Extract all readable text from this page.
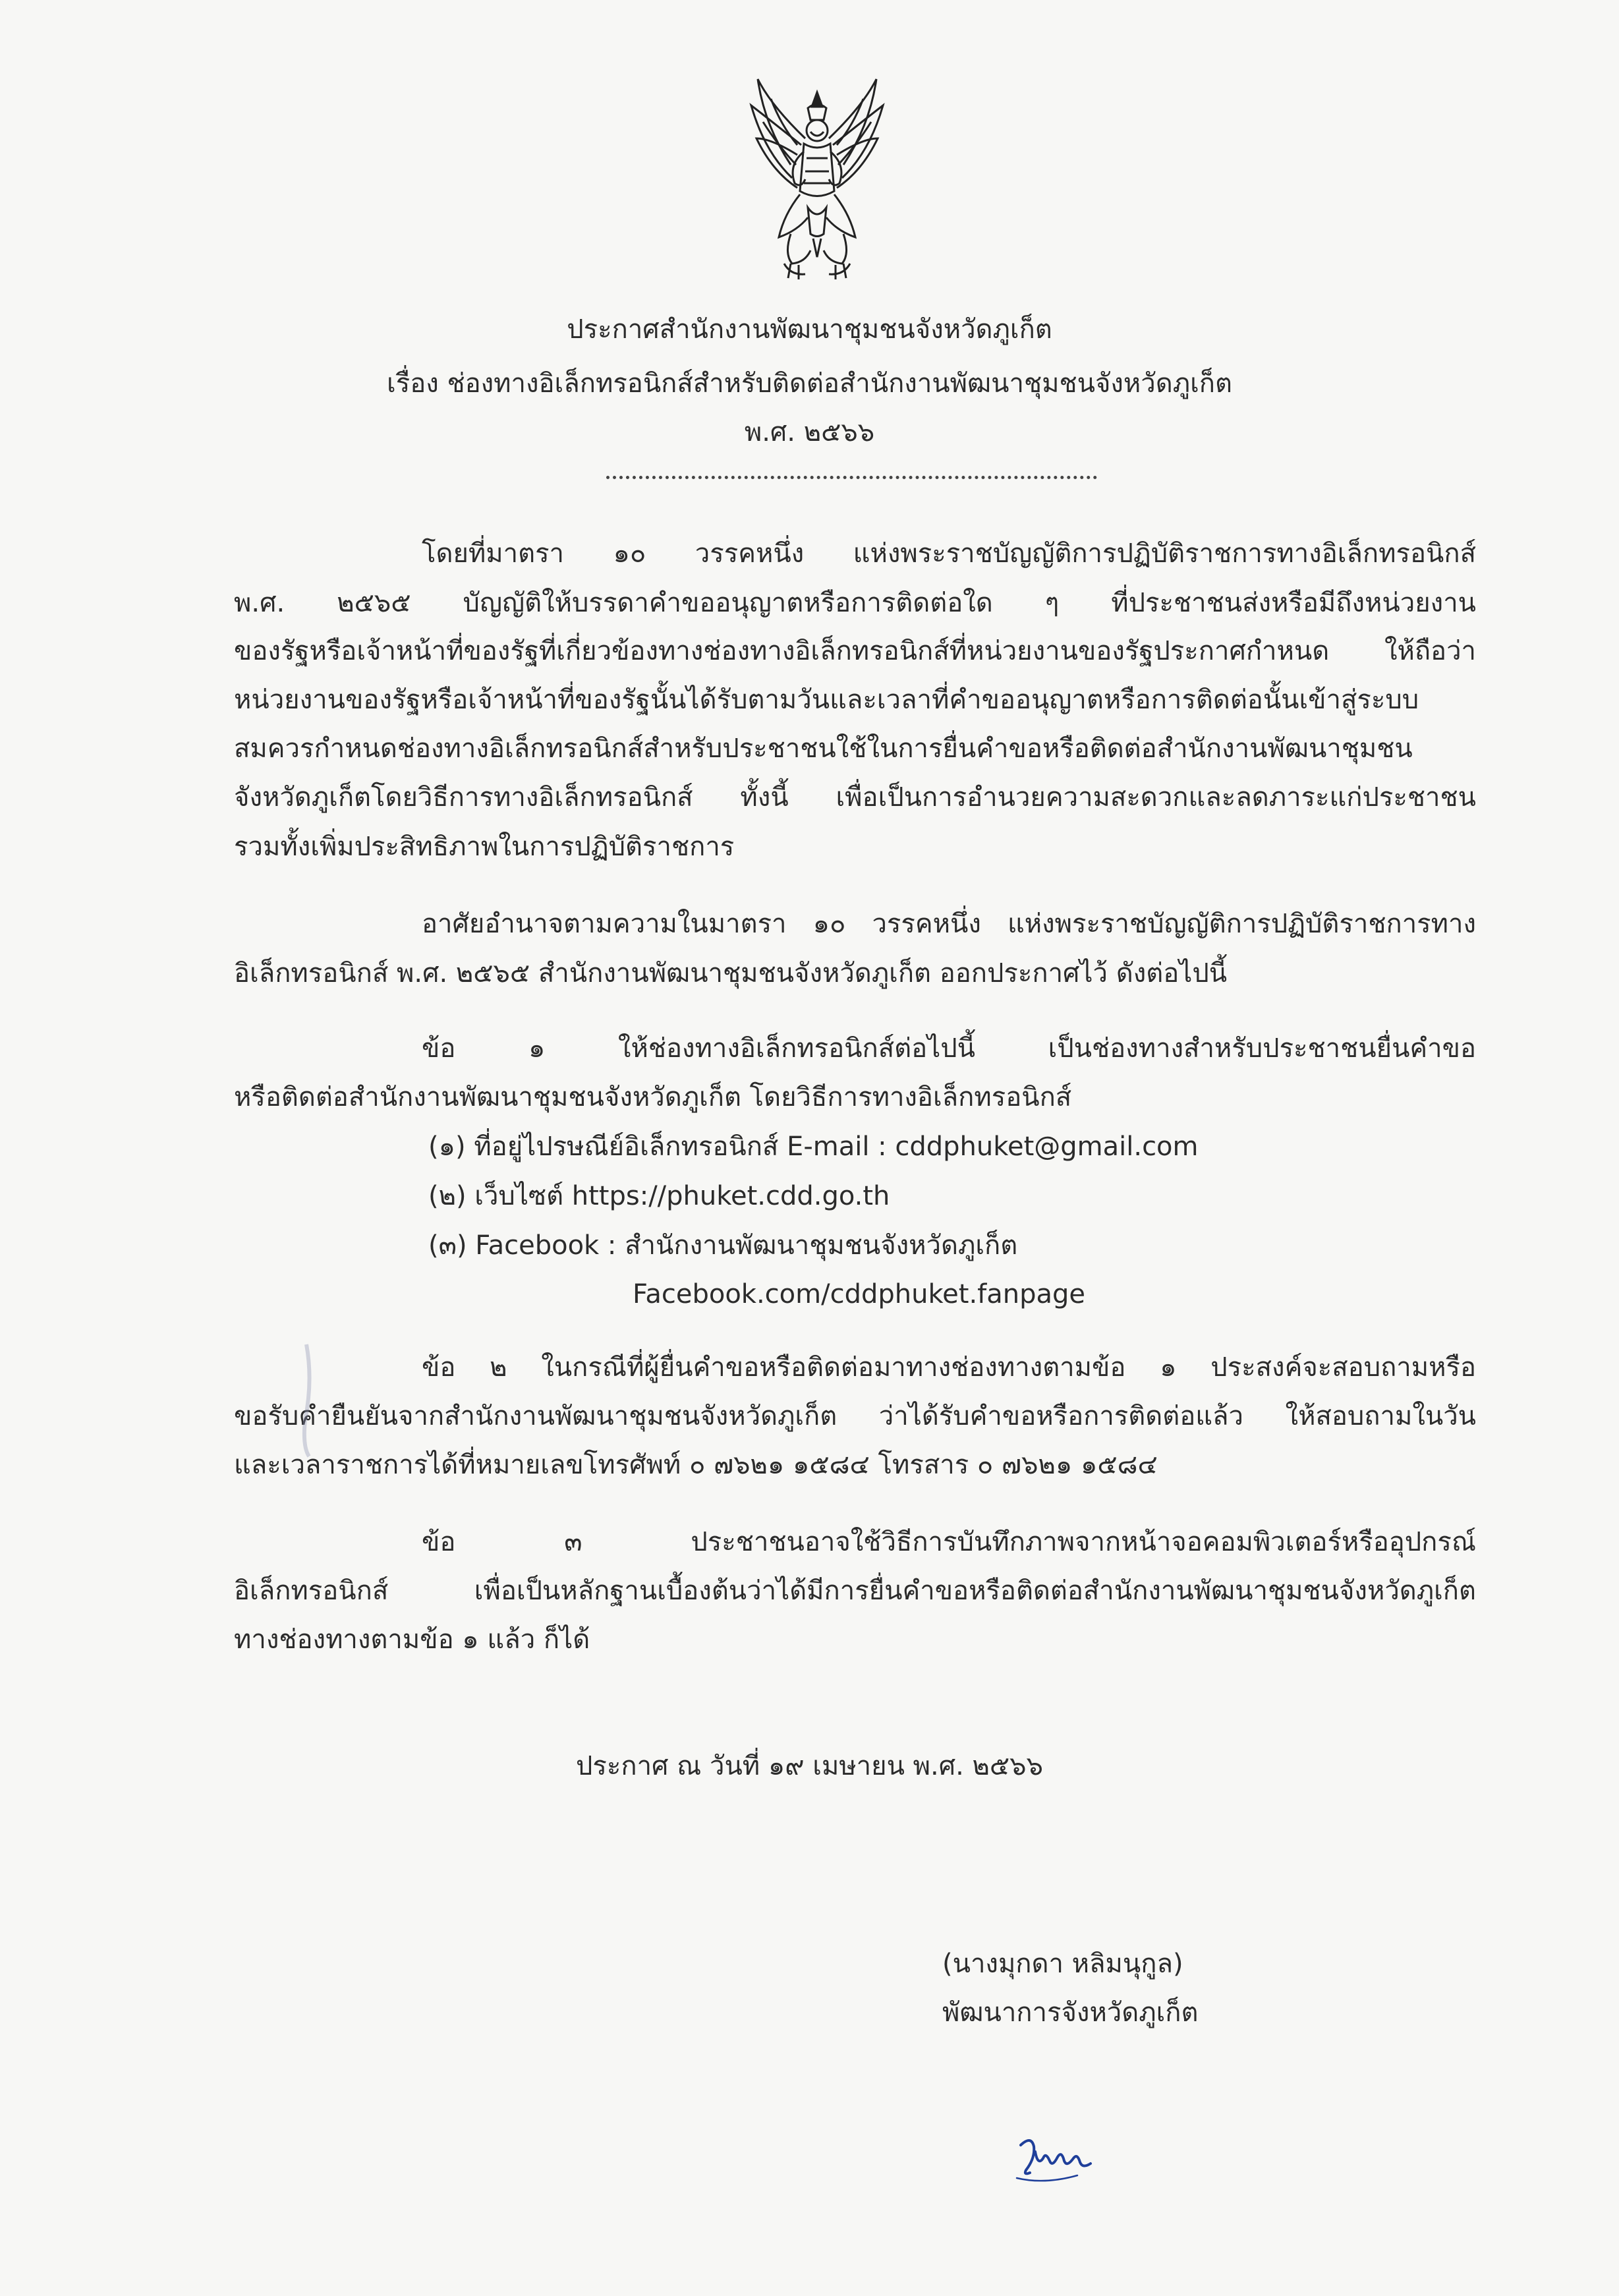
ประกาศสำนักงานพัฒนาชุมชนจังหวัดภูเก็ต
เรื่อง ช่องทางอิเล็กทรอนิกส์สำหรับติดต่อสำนักงานพัฒนาชุมชนจังหวัดภูเก็ต
พ.ศ. ๒๕๖๖
โดยที่มาตรา ๑๐ วรรคหนึ่ง แห่งพระราชบัญญัติการปฏิบัติราชการทางอิเล็กทรอนิกส์
พ.ศ. ๒๕๖๕ บัญญัติให้บรรดาคำขออนุญาตหรือการติดต่อใด ๆ ที่ประชาชนส่งหรือมีถึงหน่วยงาน
ของรัฐหรือเจ้าหน้าที่ของรัฐที่เกี่ยวข้องทางช่องทางอิเล็กทรอนิกส์ที่หน่วยงานของรัฐประกาศกำหนด ให้ถือว่า
หน่วยงานของรัฐหรือเจ้าหน้าที่ของรัฐนั้นได้รับตามวันและเวลาที่คำขออนุญาตหรือการติดต่อนั้นเข้าสู่ระบบ
สมควรกำหนดช่องทางอิเล็กทรอนิกส์สำหรับประชาชนใช้ในการยื่นคำขอหรือติดต่อสำนักงานพัฒนาชุมชน
จังหวัดภูเก็ตโดยวิธีการทางอิเล็กทรอนิกส์ ทั้งนี้ เพื่อเป็นการอำนวยความสะดวกและลดภาระแก่ประชาชน
รวมทั้งเพิ่มประสิทธิภาพในการปฏิบัติราชการ
อาศัยอำนาจตามความในมาตรา ๑๐ วรรคหนึ่ง แห่งพระราชบัญญัติการปฏิบัติราชการทาง
อิเล็กทรอนิกส์ พ.ศ. ๒๕๖๕ สำนักงานพัฒนาชุมชนจังหวัดภูเก็ต ออกประกาศไว้ ดังต่อไปนี้
ข้อ ๑ ให้ช่องทางอิเล็กทรอนิกส์ต่อไปนี้ เป็นช่องทางสำหรับประชาชนยื่นคำขอ
หรือติดต่อสำนักงานพัฒนาชุมชนจังหวัดภูเก็ต โดยวิธีการทางอิเล็กทรอนิกส์
(๑) ที่อยู่ไปรษณีย์อิเล็กทรอนิกส์ E-mail : cddphuket@gmail.com
(๒) เว็บไซต์ https://phuket.cdd.go.th
(๓) Facebook : สำนักงานพัฒนาชุมชนจังหวัดภูเก็ต
Facebook.com/cddphuket.fanpage
ข้อ ๒ ในกรณีที่ผู้ยื่นคำขอหรือติดต่อมาทางช่องทางตามข้อ ๑ ประสงค์จะสอบถามหรือ
ขอรับคำยืนยันจากสำนักงานพัฒนาชุมชนจังหวัดภูเก็ต ว่าได้รับคำขอหรือการติดต่อแล้ว ให้สอบถามในวัน
และเวลาราชการได้ที่หมายเลขโทรศัพท์ ๐ ๗๖๒๑ ๑๕๘๔ โทรสาร ๐ ๗๖๒๑ ๑๕๘๔
ข้อ ๓ ประชาชนอาจใช้วิธีการบันทึกภาพจากหน้าจอคอมพิวเตอร์หรืออุปกรณ์
อิเล็กทรอนิกส์ เพื่อเป็นหลักฐานเบื้องต้นว่าได้มีการยื่นคำขอหรือติดต่อสำนักงานพัฒนาชุมชนจังหวัดภูเก็ต
ทางช่องทางตามข้อ ๑ แล้ว ก็ได้
ประกาศ ณ วันที่ ๑๙ เมษายน พ.ศ. ๒๕๖๖
(นางมุกดา หลิมนุกูล)
พัฒนาการจังหวัดภูเก็ต
